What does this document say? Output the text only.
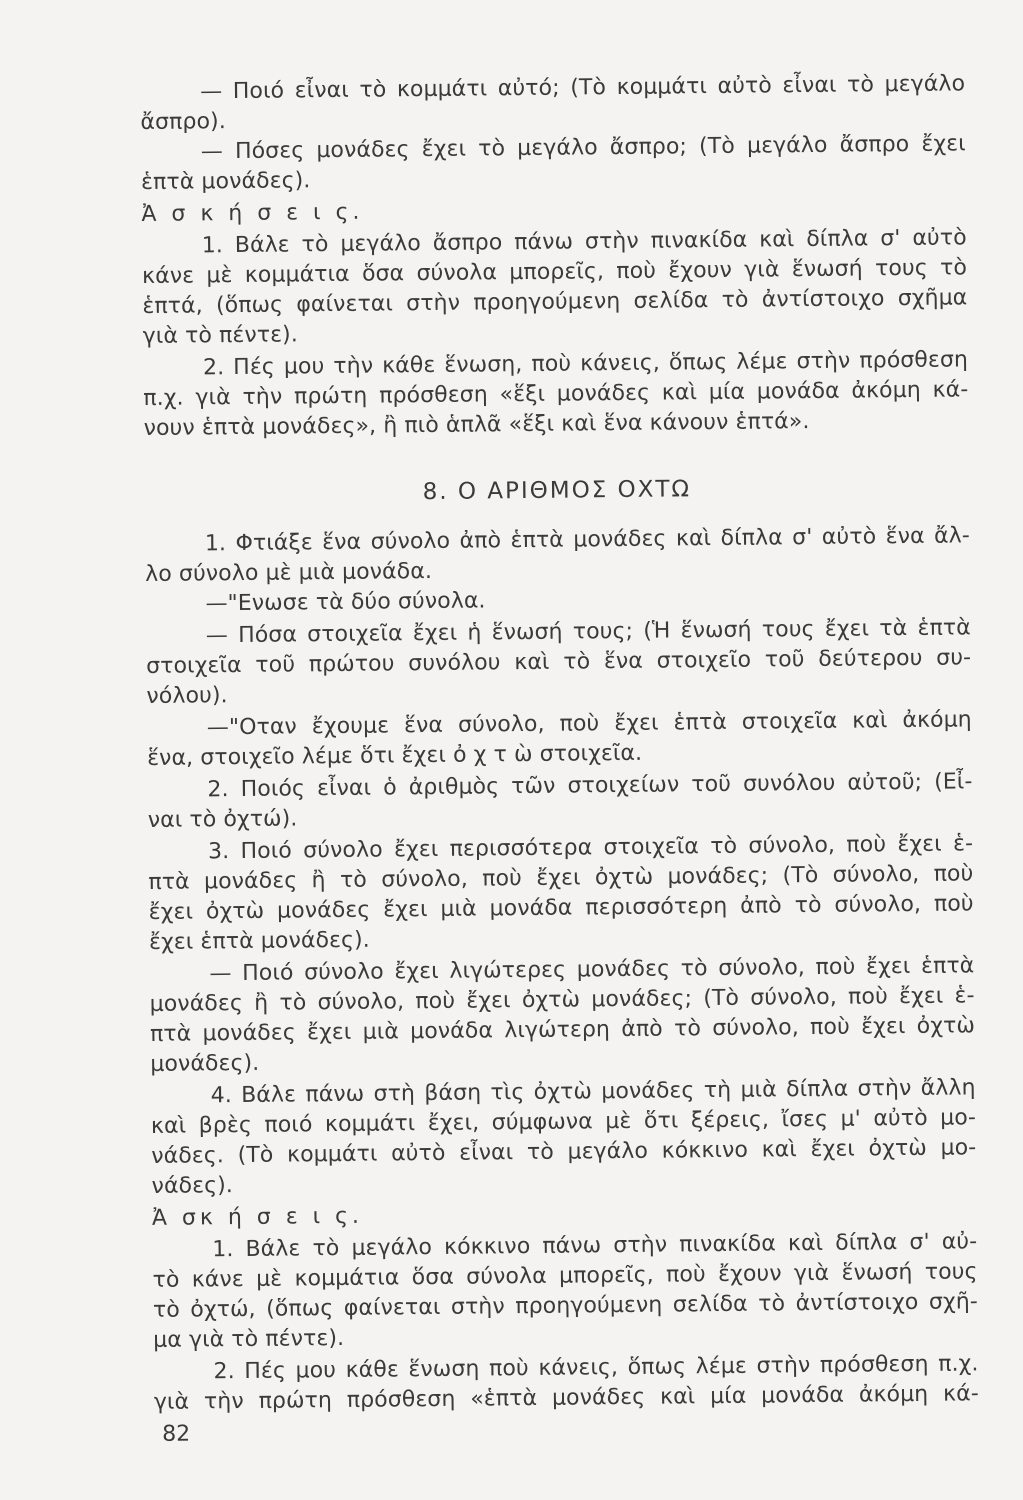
— Ποιό εἶναι τὸ κομμάτι αὐτό; (Τὸ κομμάτι αὐτὸ εἶναι τὸ μεγάλο
ἄσπρο).
— Πόσες μονάδες ἔχει τὸ μεγάλο ἄσπρο; (Τὸ μεγάλο ἄσπρο ἔχει
ἑπτὰ μονάδες).
Ἀ σ κ ή σ ε ι ς.
1. Βάλε τὸ μεγάλο ἄσπρο πάνω στὴν πινακίδα καὶ δίπλα σ' αὐτὸ
κάνε μὲ κομμάτια ὅσα σύνολα μπορεῖς, ποὺ ἔχουν γιὰ ἕνωσή τους τὸ
ἑπτά, (ὅπως φαίνεται στὴν προηγούμενη σελίδα τὸ ἀντίστοιχο σχῆμα
γιὰ τὸ πέντε).
2. Πές μου τὴν κάθε ἕνωση, ποὺ κάνεις, ὅπως λέμε στὴν πρόσθεση
π.χ. γιὰ τὴν πρώτη πρόσθεση «ἕξι μονάδες καὶ μία μονάδα ἀκόμη κά-
νουν ἑπτὰ μονάδες», ἢ πιὸ ἁπλᾶ «ἕξι καὶ ἕνα κάνουν ἑπτά».
8. Ο ΑΡΙΘΜΟΣ ΟΧΤΩ
1. Φτιάξε ἕνα σύνολο ἀπὸ ἑπτὰ μονάδες καὶ δίπλα σ' αὐτὸ ἕνα ἄλ-
λο σύνολο μὲ μιὰ μονάδα.
—"Ενωσε τὰ δύο σύνολα.
— Πόσα στοιχεῖα ἔχει ἡ ἕνωσή τους; (Ἡ ἕνωσή τους ἔχει τὰ ἑπτὰ
στοιχεῖα τοῦ πρώτου συνόλου καὶ τὸ ἕνα στοιχεῖο τοῦ δεύτερου συ-
νόλου).
—"Οταν ἔχουμε ἕνα σύνολο, ποὺ ἔχει ἑπτὰ στοιχεῖα καὶ ἀκόμη
ἕνα, στοιχεῖο λέμε ὅτι ἔχει ὀ χ τ ὼ στοιχεῖα.
2. Ποιός εἶναι ὁ ἀριθμὸς τῶν στοιχείων τοῦ συνόλου αὐτοῦ; (Εἶ-
ναι τὸ ὀχτώ).
3. Ποιό σύνολο ἔχει περισσότερα στοιχεῖα τὸ σύνολο, ποὺ ἔχει ἑ-
πτὰ μονάδες ἢ τὸ σύνολο, ποὺ ἔχει ὀχτὼ μονάδες; (Τὸ σύνολο, ποὺ
ἔχει ὀχτὼ μονάδες ἔχει μιὰ μονάδα περισσότερη ἀπὸ τὸ σύνολο, ποὺ
ἔχει ἑπτὰ μονάδες).
— Ποιό σύνολο ἔχει λιγώτερες μονάδες τὸ σύνολο, ποὺ ἔχει ἑπτὰ
μονάδες ἢ τὸ σύνολο, ποὺ ἔχει ὀχτὼ μονάδες; (Τὸ σύνολο, ποὺ ἔχει ἑ-
πτὰ μονάδες ἔχει μιὰ μονάδα λιγώτερη ἀπὸ τὸ σύνολο, ποὺ ἔχει ὀχτὼ
μονάδες).
4. Βάλε πάνω στὴ βάση τὶς ὀχτὼ μονάδες τὴ μιὰ δίπλα στὴν ἄλλη
καὶ βρὲς ποιό κομμάτι ἔχει, σύμφωνα μὲ ὅτι ξέρεις, ἴσες μ' αὐτὸ μο-
νάδες. (Τὸ κομμάτι αὐτὸ εἶναι τὸ μεγάλο κόκκινο καὶ ἔχει ὀχτὼ μο-
νάδες).
Ἀ σκ ή σ ε ι ς.
1. Βάλε τὸ μεγάλο κόκκινο πάνω στὴν πινακίδα καὶ δίπλα σ' αὐ-
τὸ κάνε μὲ κομμάτια ὅσα σύνολα μπορεῖς, ποὺ ἔχουν γιὰ ἕνωσή τους
τὸ ὀχτώ, (ὅπως φαίνεται στὴν προηγούμενη σελίδα τὸ ἀντίστοιχο σχῆ-
μα γιὰ τὸ πέντε).
2. Πές μου κάθε ἕνωση ποὺ κάνεις, ὅπως λέμε στὴν πρόσθεση π.χ.
γιὰ τὴν πρώτη πρόσθεση «ἑπτὰ μονάδες καὶ μία μονάδα ἀκόμη κά-
82
